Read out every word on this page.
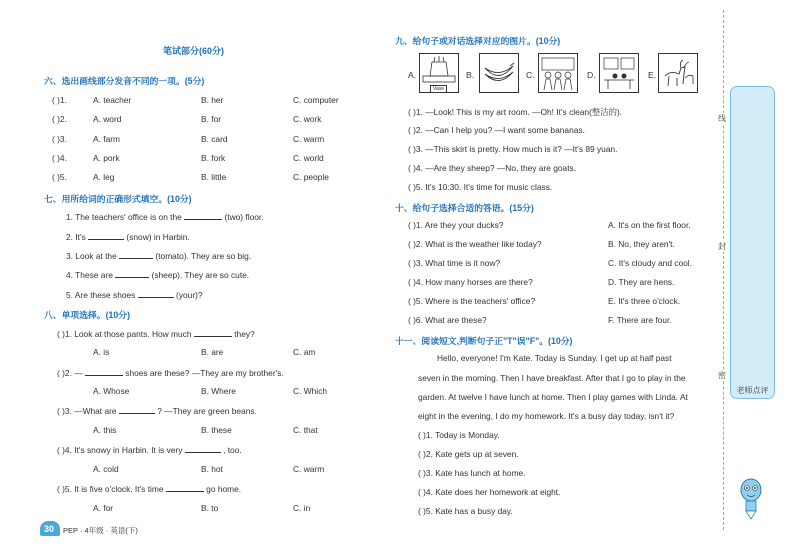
笔试部分(60分)
六、选出画线部分发音不同的一项。(5分)
( )1.	A. teacher	B. her	C. computer
( )2.	A. word	B. for	C. work
( )3.	A. farm	B. card	C. warm
( )4.	A. pork	B. fork	C. world
( )5.	A. leg	B. little	C. people
七、用所给词的正确形式填空。(10分)
1. The teachers' office is on the	(two) floor.
2. It's	(snow) in Harbin.
3. Look at the	(tomato). They are so big.
4. These are	(sheep). They are so cute.
5. Are these shoes	(your)?
八、单项选择。(10分)
( )1. Look at those pants. How much	they?
A. is	B. are	C. am
( )2. —	shoes are these? —They are my brother's.
A. Whose	B. Where	C. Which
( )3. —What are	? —They are green beans.
A. this	B. these	C. that
( )4. It's snowy in Harbin. It is very	, too.
A. cold	B. hot	C. warm
( )5. It is five o'clock. It's time	go home.
A. for	B. to	C. in
30 PEP · 4年级 · 英语(下)
九、给句子或对话选择对应的图片。(10分)
A.
Vase
B.	C.	D.	E.
( )1. —Look! This is my art room. —Oh! It's clean(整洁的).
( )2. —Can I help you? —I want some bananas.
( )3. —This skirt is pretty. How much is it? —It's 89 yuan.
( )4. —Are they sheep? —No, they are goats.
( )5. It's 10:30. It's time for music class.
十、给句子选择合适的答语。(15分)
( )1. Are they your ducks?	A. It's on the first floor.
( )2. What is the weather like today?	B. No, they aren't.
( )3. What time is it now?	C. It's cloudy and cool.
( )4. How many horses are there?	D. They are hens.
( )5. Where is the teachers' office?	E. It's three o'clock.
( )6. What are these?	F. There are four.
十一、阅读短文,判断句子正"T"误"F"。(10分)
Hello, everyone! I'm Kate. Today is Sunday. I get up at half past
seven in the morning. Then I have breakfast. After that I go to play in the
garden. At twelve I have lunch at home. Then I play games with Linda. At
eight in the evening, I do my homework. It's a busy day today, isn't it?
( )1. Today is Monday.
( )2. Kate gets up at seven.
( )3. Kate has lunch at home.
( )4. Kate does her homework at eight.
( )5. Kate has a busy day.
线
封
密
老师点评
